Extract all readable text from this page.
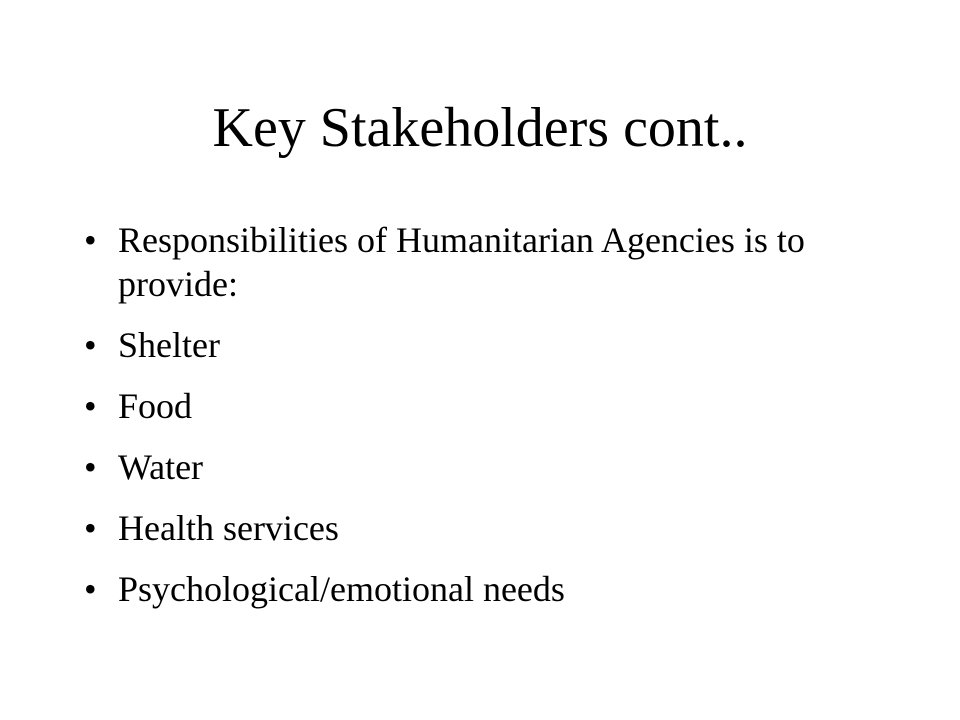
Key Stakeholders cont..
• Responsibilities of Humanitarian Agencies is to provide:
• Shelter
• Food
• Water
• Health services
• Psychological/emotional needs
